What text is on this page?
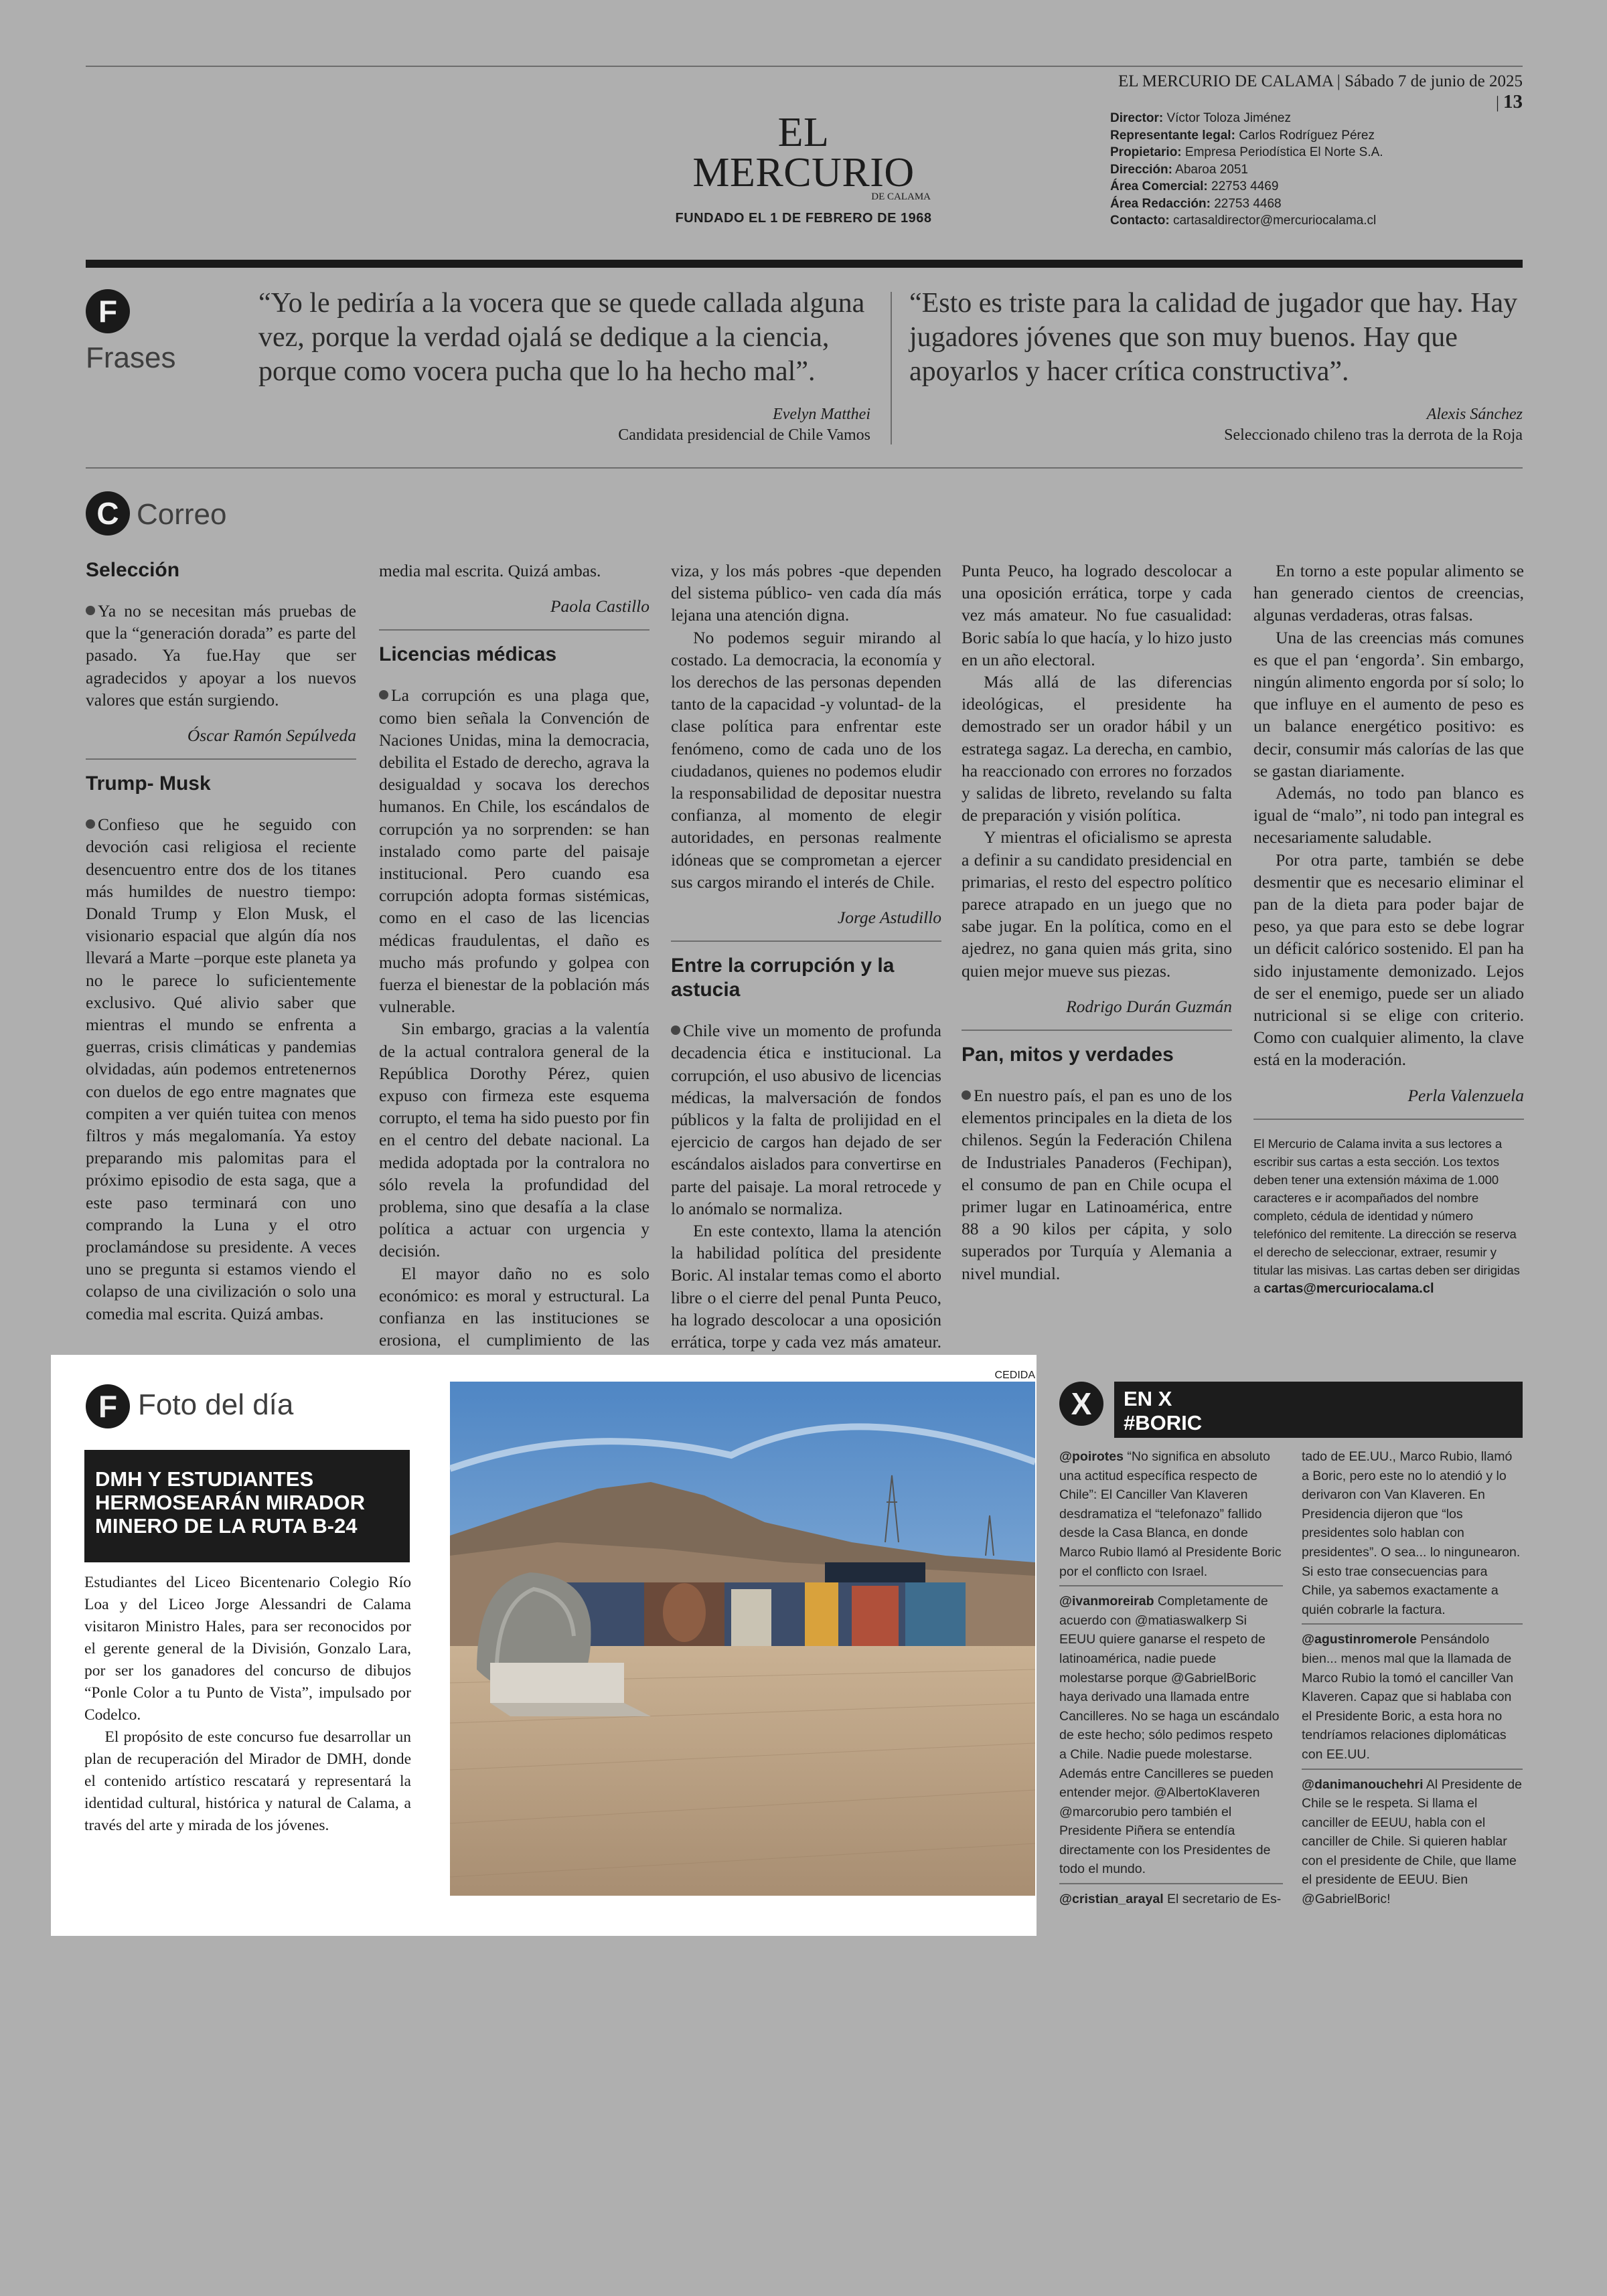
EL MERCURIO DE CALAMA | Sábado 7 de junio de 2025 | 13
EL MERCURIO
DE CALAMA
FUNDADO EL 1 DE FEBRERO DE 1968
Director: Víctor Toloza Jiménez
Representante legal: Carlos Rodríguez Pérez
Propietario: Empresa Periodística El Norte S.A.
Dirección: Abaroa 2051
Área Comercial: 22753 4469
Área Redacción: 22753 4468
Contacto: cartasaldirector@mercuriocalama.cl
F
Frases
“Yo le pediría a la vocera que se quede callada alguna vez, porque la verdad ojalá se dedique a la ciencia, porque como vocera pucha que lo ha hecho mal”.
Evelyn Matthei
Candidata presidencial de Chile Vamos
“Esto es triste para la calidad de jugador que hay. Hay jugadores jóvenes que son muy buenos. Hay que apoyarlos y hacer crítica constructiva”.
Alexis Sánchez
Seleccionado chileno tras la derrota de la Roja
C Correo
Selección

Ya no se necesitan más pruebas de que la “generación dorada” es parte del pasado. Ya fue.Hay que ser agradecidos y apoyar a los nuevos valores que están surgiendo.

Óscar Ramón Sepúlveda
Trump- Musk

Confieso que he seguido con devoción casi religiosa el reciente desencuentro entre dos de los titanes más humildes de nuestro tiempo: Donald Trump y Elon Musk, el visionario espacial que algún día nos llevará a Marte –porque este planeta ya no le parece lo suficientemente exclusivo. Qué alivio saber que mientras el mundo se enfrenta a guerras, crisis climáticas y pandemias olvidadas, aún podemos entretenernos con duelos de ego entre magnates que compiten a ver quién tuitea con menos filtros y más megalomanía. Ya estoy preparando mis palomitas para el próximo episodio de esta saga, que a este paso terminará con uno comprando la Luna y el otro proclamándose su presidente. A veces uno se pregunta si estamos viendo el colapso de una civilización o solo una comedia mal escrita. Quizá ambas.

media mal escrita. Quizá ambas.

Paola Castillo
Licencias médicas

La corrupción es una plaga que, como bien señala la Convención de Naciones Unidas, mina la democracia, debilita el Estado de derecho, agrava la desigualdad y socava los derechos humanos. En Chile, los escándalos de corrupción ya no sorprenden: se han instalado como parte del paisaje institucional. Pero cuando esa corrupción adopta formas sistémicas, como en el caso de las licencias médicas fraudulentas, el daño es mucho más profundo y golpea con fuerza el bienestar de la población más vulnerable.

Sin embargo, gracias a la valentía de la actual contralora general de la República Dorothy Pérez, quien expuso con firmeza este esquema corrupto, el tema ha sido puesto por fin en el centro del debate nacional. La medida adoptada por la contralora no sólo revela la profundidad del problema, sino que desafía a la clase política a actuar con urgencia y decisión.

El mayor daño no es solo económico: es moral y estructural. La confianza en las instituciones se erosiona, el cumplimiento de las

viza, y los más pobres -que dependen del sistema público- ven cada día más lejana una atención digna.

No podemos seguir mirando al costado. La democracia, la economía y los derechos de las personas dependen tanto de la capacidad -y voluntad- de la clase política para enfrentar este fenómeno, como de cada uno de los ciudadanos, quienes no podemos eludir la responsabilidad de depositar nuestra confianza, al momento de elegir autoridades, en personas realmente idóneas que se comprometan a ejercer sus cargos mirando el interés de Chile.

Jorge Astudillo
Entre la corrupción y la astucia

Chile vive un momento de profunda decadencia ética e institucional. La corrupción, el uso abusivo de licencias médicas, la malversación de fondos públicos y la falta de prolijidad en el ejercicio de cargos han dejado de ser escándalos aislados para convertirse en parte del paisaje. La moral retrocede y lo anómalo se normaliza.

En este contexto, llama la atención la habilidad política del presidente Boric. Al instalar temas como el aborto libre o el cierre del penal Punta Peuco, ha logrado descolocar a una oposición errática, torpe y cada vez más amateur.

Punta Peuco, ha logrado descolocar a una oposición errática, torpe y cada vez más amateur. No fue casualidad: Boric sabía lo que hacía, y lo hizo justo en un año electoral.

Más allá de las diferencias ideológicas, el presidente ha demostrado ser un orador hábil y un estratega sagaz. La derecha, en cambio, ha reaccionado con errores no forzados y salidas de libreto, revelando su falta de preparación y visión política.

Y mientras el oficialismo se apresta a definir a su candidato presidencial en primarias, el resto del espectro político parece atrapado en un juego que no sabe jugar. En la política, como en el ajedrez, no gana quien más grita, sino quien mejor mueve sus piezas.

Rodrigo Durán Guzmán
Pan, mitos y verdades

En nuestro país, el pan es uno de los elementos principales en la dieta de los chilenos. Según la Federación Chilena de Industriales Panaderos (Fechipan), el consumo de pan en Chile ocupa el primer lugar en Latinoamérica, entre 88 a 90 kilos per cápita, y solo superados por Turquía y Alemania a nivel mundial.

En torno a este popular alimento se han generado cientos de creencias, algunas verdaderas, otras falsas.

Una de las creencias más comunes es que el pan ‘engorda’. Sin embargo, ningún alimento engorda por sí solo; lo que influye en el aumento de peso es un balance energético positivo: es decir, consumir más calorías de las que se gastan diariamente.

Además, no todo pan blanco es igual de “malo”, ni todo pan integral es necesariamente saludable.

Por otra parte, también se debe desmentir que es necesario eliminar el pan de la dieta para poder bajar de peso, ya que para esto se debe lograr un déficit calórico sostenido. El pan ha sido injustamente demonizado. Lejos de ser el enemigo, puede ser un aliado nutricional si se elige con criterio. Como con cualquier alimento, la clave está en la moderación.

Perla Valenzuela
El Mercurio de Calama invita a sus lectores a escribir sus cartas a esta sección. Los textos deben tener una extensión máxima de 1.000 caracteres e ir acompañados del nombre completo, cédula de identidad y número telefónico del remitente. La dirección se reserva el derecho de seleccionar, extraer, resumir y titular las misivas. Las cartas deben ser dirigidas a cartas@mercuriocalama.cl
F Foto del día
DMH Y ESTUDIANTES HERMOSEARÁN MIRADOR MINERO DE LA RUTA B-24

Estudiantes del Liceo Bicentenario Colegio Río Loa y del Liceo Jorge Alessandri de Calama visitaron Ministro Hales, para ser reconocidos por el gerente general de la División, Gonzalo Lara, por ser los ganadores del concurso de dibujos “Ponle Color a tu Punto de Vista”, impulsado por Codelco.

El propósito de este concurso fue desarrollar un plan de recuperación del Mirador de DMH, donde el contenido artístico rescatará y representará la identidad cultural, histórica y natural de Calama, a través del arte y mirada de los jóvenes.

CEDIDA
X	EN X
#BORIC

@poirotes “No significa en absoluto una actitud específica respecto de Chile”: El Canciller Van Klaveren desdramatiza el “telefonazo” fallido desde la Casa Blanca, en donde Marco Rubio llamó al Presidente Boric por el conflicto con Israel.

@ivanmoreirab Completamente de acuerdo con @matiaswalkerp Si EEUU quiere ganarse el respeto de latinoamérica, nadie puede molestarse porque @GabrielBoric haya derivado una llamada entre Cancilleres. No se haga un escándalo de este hecho; sólo pedimos respeto a Chile. Nadie puede molestarse. Además entre Cancilleres se pueden entender mejor. @AlbertoKlaveren @marcorubio pero también el Presidente Piñera se entendía directamente con los Presidentes de todo el mundo.

@cristian_arayal El secretario de Es-

tado de EE.UU., Marco Rubio, llamó a Boric, pero este no lo atendió y lo derivaron con Van Klaveren. En Presidencia dijeron que “los presidentes solo hablan con presidentes”. O sea... lo ningunearon. Si esto trae consecuencias para Chile, ya sabemos exactamente a quién cobrarle la factura.

@agustinromerole Pensándolo bien... menos mal que la llamada de Marco Rubio la tomó el canciller Van Klaveren. Capaz que si hablaba con el Presidente Boric, a esta hora no tendríamos relaciones diplomáticas con EE.UU.

@danimanouchehri Al Presidente de Chile se le respeta. Si llama el canciller de EEUU, habla con el canciller de Chile. Si quieren hablar con el presidente de Chile, que llame el presidente de EEUU. Bien @GabrielBoric!
